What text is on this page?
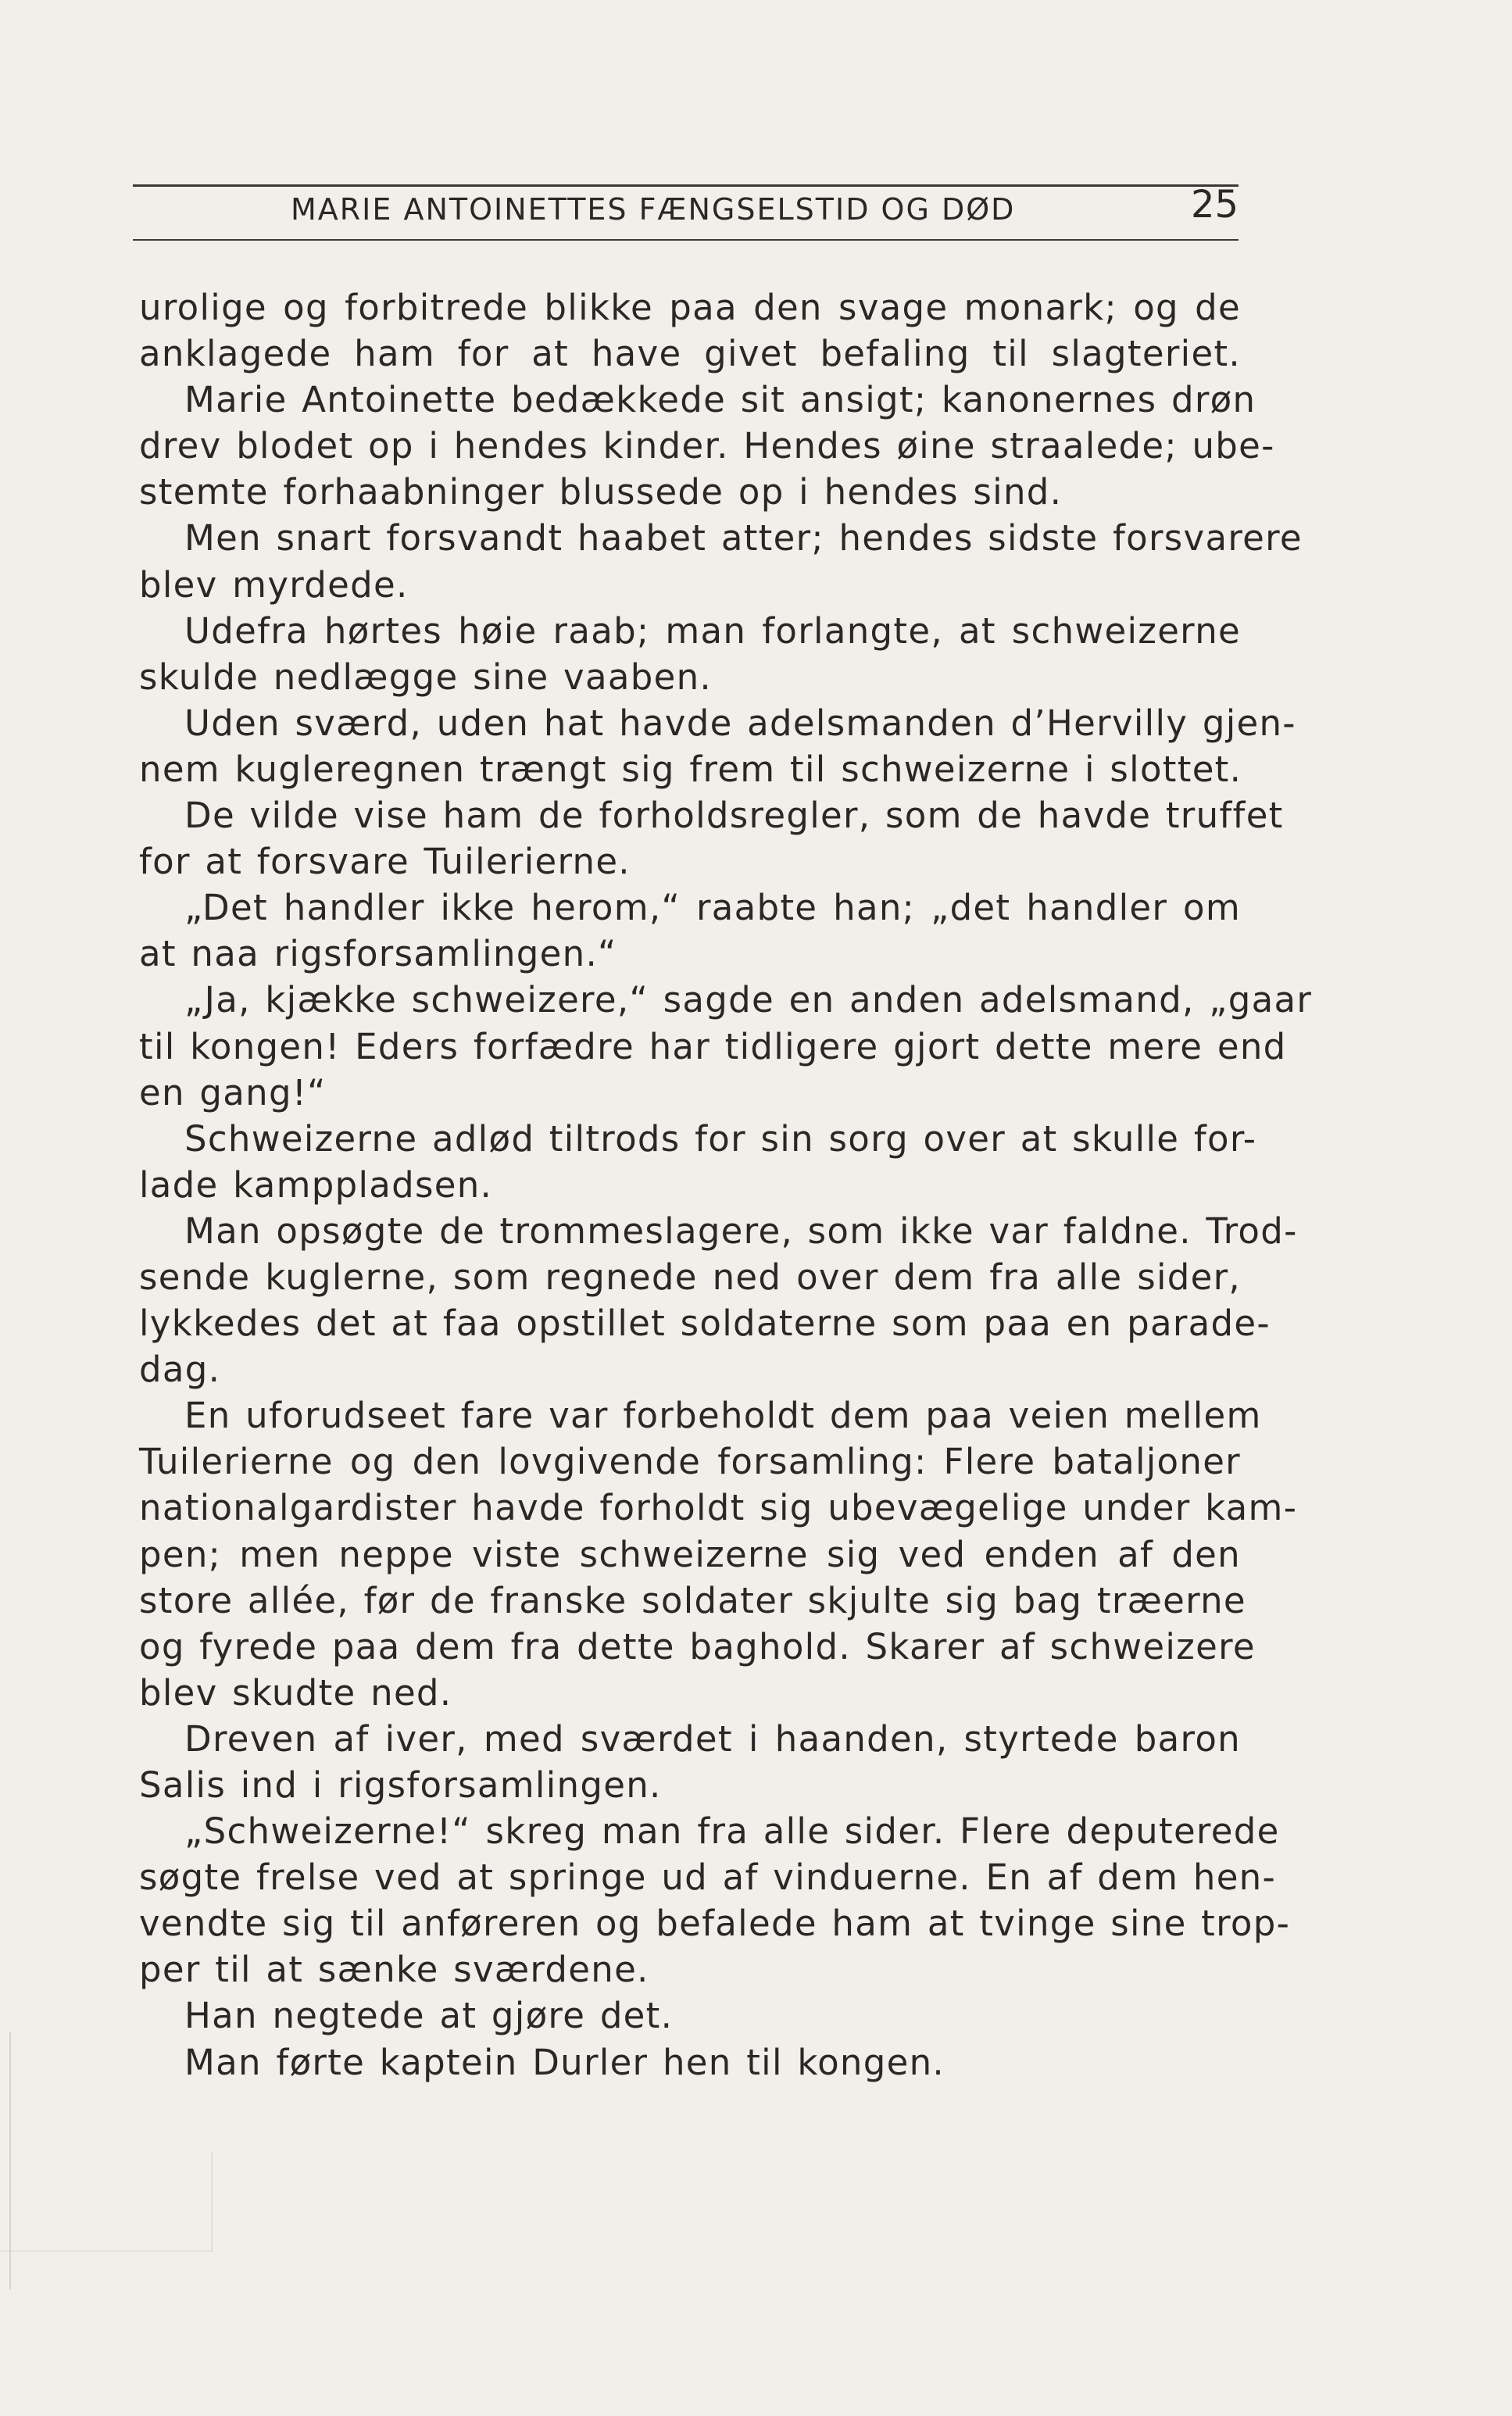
MARIE ANTOINETTES FÆNGSELSTID OG DØD	25
urolige og forbitrede blikke paa den svage monark; og de
anklagede ham for at have givet befaling til slagteriet.
Marie Antoinette bedækkede sit ansigt; kanonernes drøn
drev blodet op i hendes kinder. Hendes øine straalede; ube-
stemte forhaabninger blussede op i hendes sind.
Men snart forsvandt haabet atter; hendes sidste forsvarere
blev myrdede.
Udefra hørtes høie raab; man forlangte, at schweizerne
skulde nedlægge sine vaaben.
Uden sværd, uden hat havde adelsmanden d’Hervilly gjen-
nem kugleregnen trængt sig frem til schweizerne i slottet.
De vilde vise ham de forholdsregler, som de havde truffet
for at forsvare Tuilerierne.
„Det handler ikke herom,“ raabte han; „det handler om
at naa rigsforsamlingen.“
„Ja, kjække schweizere,“ sagde en anden adelsmand, „gaar
til kongen! Eders forfædre har tidligere gjort dette mere end
en gang!“
Schweizerne adlød tiltrods for sin sorg over at skulle for-
lade kamppladsen.
Man opsøgte de trommeslagere, som ikke var faldne. Trod-
sende kuglerne, som regnede ned over dem fra alle sider,
lykkedes det at faa opstillet soldaterne som paa en parade-
dag.
En uforudseet fare var forbeholdt dem paa veien mellem
Tuilerierne og den lovgivende forsamling: Flere bataljoner
nationalgardister havde forholdt sig ubevægelige under kam-
pen; men neppe viste schweizerne sig ved enden af den
store allée, før de franske soldater skjulte sig bag træerne
og fyrede paa dem fra dette baghold. Skarer af schweizere
blev skudte ned.
Dreven af iver, med sværdet i haanden, styrtede baron
Salis ind i rigsforsamlingen.
„Schweizerne!“ skreg man fra alle sider. Flere deputerede
søgte frelse ved at springe ud af vinduerne. En af dem hen-
vendte sig til anføreren og befalede ham at tvinge sine trop-
per til at sænke sværdene.
Han negtede at gjøre det.
Man førte kaptein Durler hen til kongen.
